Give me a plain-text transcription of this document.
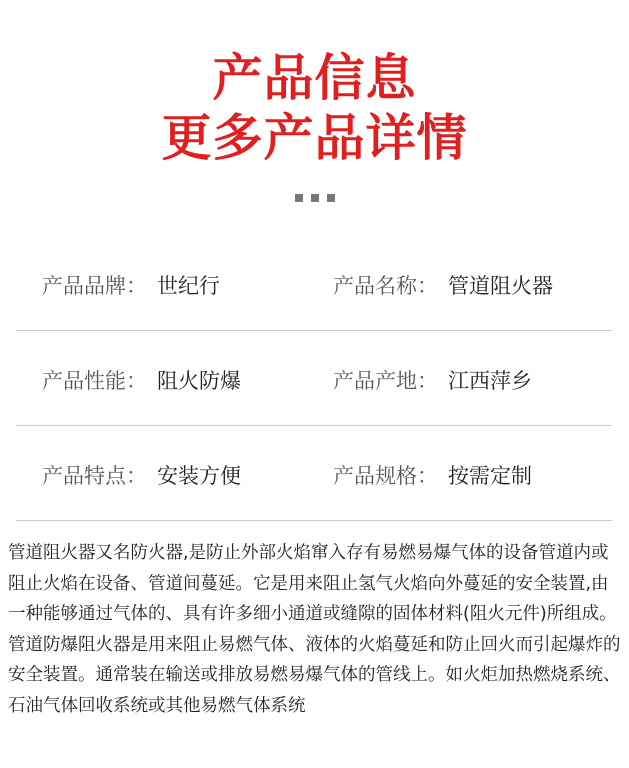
产品信息
更多产品详情
产品品牌： 世纪行	产品名称： 管道阻火器
产品性能： 阻火防爆	产品产地： 江西萍乡
产品特点： 安装方便	产品规格： 按需定制
管道阻火器又名防火器,是防止外部火焰窜入存有易燃易爆气体的设备管道内或阻止火焰在设备、管道间蔓延。它是用来阻止氢气火焰向外蔓延的安全装置,由一种能够通过气体的、具有许多细小通道或缝隙的固体材料(阻火元件)所组成。管道防爆阻火器是用来阻止易燃气体、液体的火焰蔓延和防止回火而引起爆炸的安全装置。通常装在输送或排放易燃易爆气体的管线上。如火炬加热燃烧系统、石油气体回收系统或其他易燃气体系统
